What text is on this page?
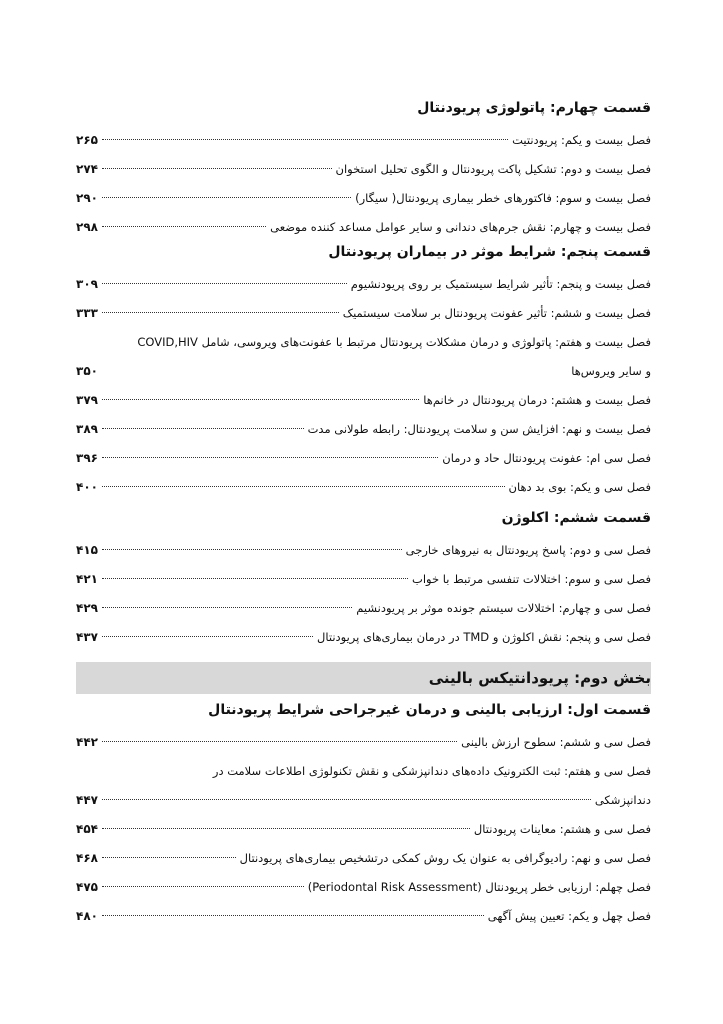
قسمت چهارم: پاتولوژی پریودنتال
فصل بیست و یکم: پریودنتیت
۲۶۵
فصل بیست و دوم: تشکیل پاکت پریودنتال و الگوی تحلیل استخوان
۲۷۴
فصل بیست و سوم: فاکتورهای خطر بیماری پریودنتال( سیگار)
۲۹۰
فصل بیست و چهارم: نقش جرم‌های دندانی و سایر عوامل مساعد کننده موضعی
۲۹۸
قسمت پنجم: شرایط موثر در بیماران پریودنتال
فصل بیست و پنجم: تأثیر شرایط سیستمیک بر روی پریودنشیوم
۳۰۹
فصل بیست و ششم: تأثیر عفونت پریودنتال بر سلامت سیستمیک
۳۳۳
فصل بیست و هفتم: پاتولوژی و درمان مشکلات پریودنتال مرتبط با عفونت‌های ویروسی، شامل COVID,HIV
و سایر ویروس‌ها
۳۵۰
فصل بیست و هشتم: درمان پریودنتال در خانم‌ها
۳۷۹
فصل بیست و نهم: افزایش سن و سلامت پریودنتال: رابطه طولانی مدت
۳۸۹
فصل سی ام: عفونت پریودنتال حاد و درمان
۳۹۶
فصل سی و یکم: بوی بد دهان
۴۰۰
قسمت ششم: اکلوژن
فصل سی و دوم: پاسخ پریودنتال به نیروهای خارجی
۴۱۵
فصل سی و سوم: اختلالات تنفسی مرتبط با خواب
۴۲۱
فصل سی و چهارم: اختلالات سیستم جونده موثر بر پریودنشیم
۴۲۹
فصل سی و پنجم: نقش اکلوژن و TMD در درمان بیماری‌های پریودنتال
۴۳۷
بخش دوم: پریودانتیکس بالینی
قسمت اول: ارزیابی بالینی و درمان غیرجراحی شرایط پریودنتال
فصل سی و ششم: سطوح ارزش بالینی
۴۴۲
فصل سی و هفتم: ثبت الکترونیک داده‌های دندانپزشکی و نقش تکنولوژی اطلاعات سلامت در
دندانپزشکی
۴۴۷
فصل سی و هشتم: معاینات پریودنتال
۴۵۴
فصل سی و نهم: رادیوگرافی به عنوان یک روش کمکی درتشخیص بیماری‌های پریودنتال
۴۶۸
فصل چهلم: ارزیابی خطر پریودنتال (Periodontal Risk Assessment)
۴۷۵
فصل چهل و یکم: تعیین پیش آگهی
۴۸۰
